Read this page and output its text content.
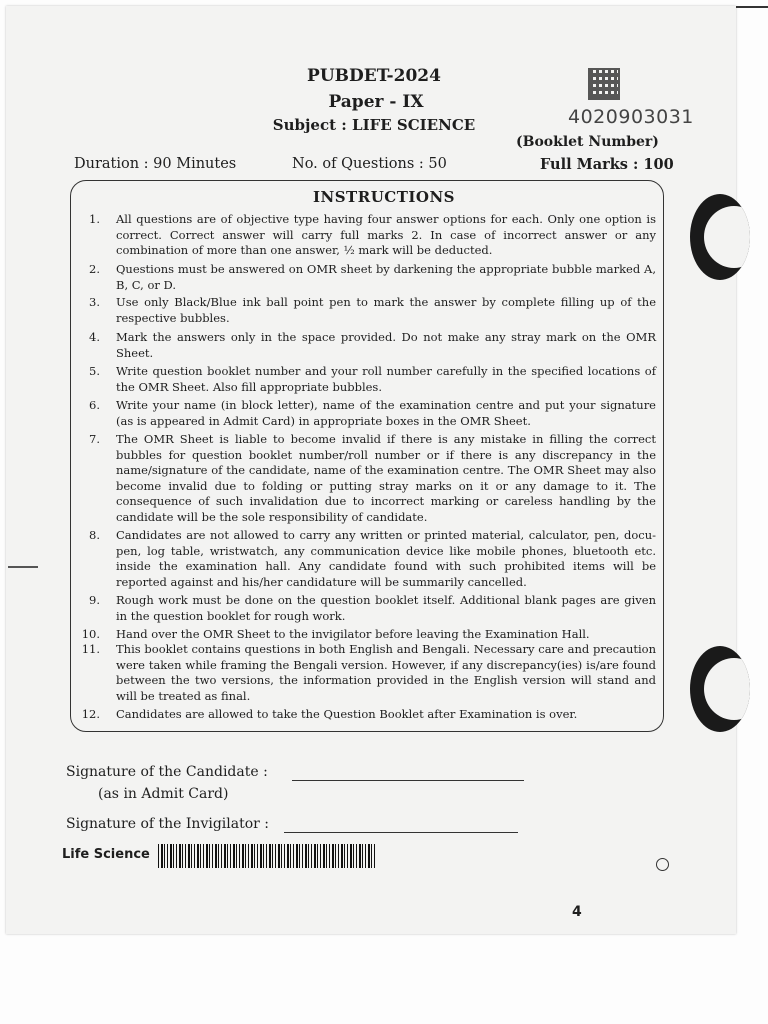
PUBDET-2024
Paper - IX
Subject : LIFE SCIENCE	4020903031
(Booklet Number)
Duration : 90 Minutes	No. of Questions : 50	Full Marks : 100
INSTRUCTIONS
1. All questions are of objective type having four answer options for each. Only one option is correct. Correct answer will carry full marks 2. In case of incorrect answer or any combination of more than one answer, ½ mark will be deducted.
2. Questions must be answered on OMR sheet by darkening the appropriate bubble marked A, B, C, or D.
3. Use only Black/Blue ink ball point pen to mark the answer by complete filling up of the respective bubbles.
4. Mark the answers only in the space provided. Do not make any stray mark on the OMR Sheet.
5. Write question booklet number and your roll number carefully in the specified locations of the OMR Sheet. Also fill appropriate bubbles.
6. Write your name (in block letter), name of the examination centre and put your signature (as is appeared in Admit Card) in appropriate boxes in the OMR Sheet.
7. The OMR Sheet is liable to become invalid if there is any mistake in filling the correct bubbles for question booklet number/roll number or if there is any discrepancy in the name/signature of the candidate, name of the examination centre. The OMR Sheet may also become invalid due to folding or putting stray marks on it or any damage to it. The consequence of such invalidation due to incorrect marking or careless handling by the candidate will be the sole responsibility of candidate.
8. Candidates are not allowed to carry any written or printed material, calculator, pen, docu-pen, log table, wristwatch, any communication device like mobile phones, bluetooth etc. inside the examination hall. Any candidate found with such prohibited items will be reported against and his/her candidature will be summarily cancelled.
9. Rough work must be done on the question booklet itself. Additional blank pages are given in the question booklet for rough work.
10. Hand over the OMR Sheet to the invigilator before leaving the Examination Hall.
11. This booklet contains questions in both English and Bengali. Necessary care and precaution were taken while framing the Bengali version. However, if any discrepancy(ies) is/are found between the two versions, the information provided in the English version will stand and will be treated as final.
12. Candidates are allowed to take the Question Booklet after Examination is over.
Signature of the Candidate :
(as in Admit Card)
Signature of the Invigilator :
Life Science
4
